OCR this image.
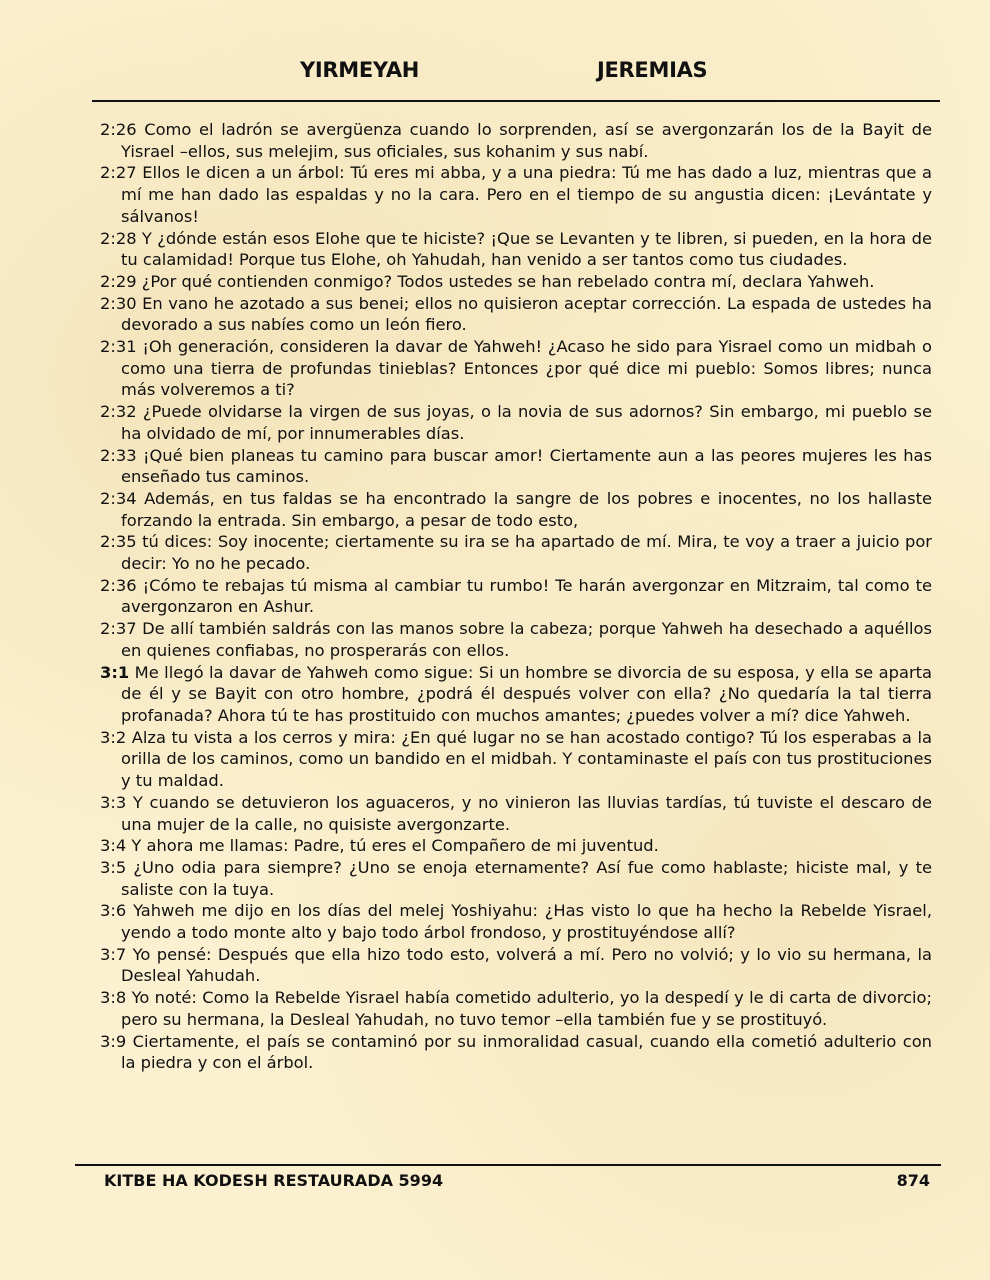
YIRMEYAH	JEREMIAS

2:26 Como el ladrón se avergüenza cuando lo sorprenden, así se avergonzarán los de la Bayit de Yisrael –ellos, sus melejim, sus oficiales, sus kohanim y sus nabí.

2:27 Ellos le dicen a un árbol: Tú eres mi abba, y a una piedra: Tú me has dado a luz, mientras que a mí me han dado las espaldas y no la cara. Pero en el tiempo de su angustia dicen: ¡Levántate y sálvanos!

2:28 Y ¿dónde están esos Elohe que te hiciste? ¡Que se Levanten y te libren, si pueden, en la hora de tu calamidad! Porque tus Elohe, oh Yahudah, han venido a ser tantos como tus ciudades.

2:29 ¿Por qué contienden conmigo? Todos ustedes se han rebelado contra mí, declara Yahweh.

2:30 En vano he azotado a sus benei; ellos no quisieron aceptar corrección. La espada de ustedes ha devorado a sus nabíes como un león fiero.

2:31 ¡Oh generación, consideren la davar de Yahweh! ¿Acaso he sido para Yisrael como un midbah o como una tierra de profundas tinieblas? Entonces ¿por qué dice mi pueblo: Somos libres; nunca más volveremos a ti?

2:32 ¿Puede olvidarse la virgen de sus joyas, o la novia de sus adornos? Sin embargo, mi pueblo se ha olvidado de mí, por innumerables días.

2:33 ¡Qué bien planeas tu camino para buscar amor! Ciertamente aun a las peores mujeres les has enseñado tus caminos.

2:34 Además, en tus faldas se ha encontrado la sangre de los pobres e inocentes, no los hallaste forzando la entrada. Sin embargo, a pesar de todo esto,

2:35 tú dices: Soy inocente; ciertamente su ira se ha apartado de mí. Mira, te voy a traer a juicio por decir: Yo no he pecado.

2:36 ¡Cómo te rebajas tú misma al cambiar tu rumbo! Te harán avergonzar en Mitzraim, tal como te avergonzaron en Ashur.

2:37 De allí también saldrás con las manos sobre la cabeza; porque Yahweh ha desechado a aquéllos en quienes confiabas, no prosperarás con ellos.

3:1 Me llegó la davar de Yahweh como sigue: Si un hombre se divorcia de su esposa, y ella se aparta de él y se Bayit con otro hombre, ¿podrá él después volver con ella? ¿No quedaría la tal tierra profanada? Ahora tú te has prostituido con muchos amantes; ¿puedes volver a mí? dice Yahweh.

3:2 Alza tu vista a los cerros y mira: ¿En qué lugar no se han acostado contigo? Tú los esperabas a la orilla de los caminos, como un bandido en el midbah. Y contaminaste el país con tus prostituciones y tu maldad.

3:3 Y cuando se detuvieron los aguaceros, y no vinieron las lluvias tardías, tú tuviste el descaro de una mujer de la calle, no quisiste avergonzarte.

3:4 Y ahora me llamas: Padre, tú eres el Compañero de mi juventud.

3:5 ¿Uno odia para siempre? ¿Uno se enoja eternamente? Así fue como hablaste; hiciste mal, y te saliste con la tuya.

3:6 Yahweh me dijo en los días del melej Yoshiyahu: ¿Has visto lo que ha hecho la Rebelde Yisrael, yendo a todo monte alto y bajo todo árbol frondoso, y prostituyéndose allí?

3:7 Yo pensé: Después que ella hizo todo esto, volverá a mí. Pero no volvió; y lo vio su hermana, la Desleal Yahudah.

3:8 Yo noté: Como la Rebelde Yisrael había cometido adulterio, yo la despedí y le di carta de divorcio; pero su hermana, la Desleal Yahudah, no tuvo temor –ella también fue y se prostituyó.

3:9 Ciertamente, el país se contaminó por su inmoralidad casual, cuando ella cometió adulterio con la piedra y con el árbol.

KITBE HA KODESH RESTAURADA 5994	874
